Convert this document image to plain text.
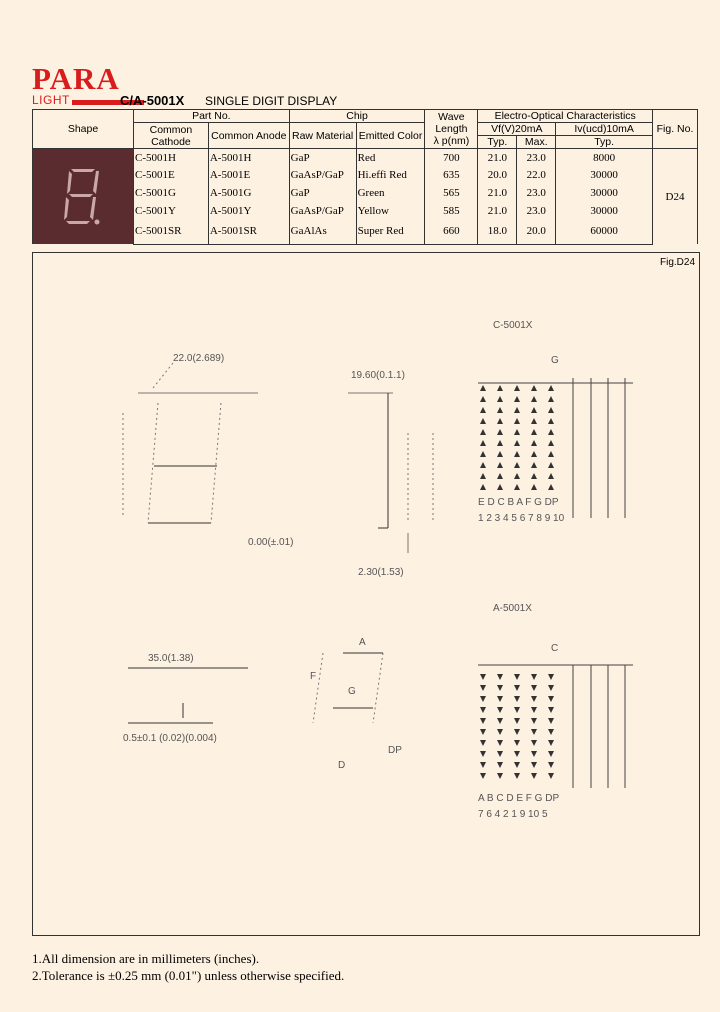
PARA
LIGHT	C/A-5001X SINGLE DIGIT DISPLAY
Shape	Part No.		Chip		Wave
Length
λ p(nm)	Electro-Optical Characteristics			Fig. No.
	Common Cathode	Common Anode	Raw Material	Emitted Color		Vf(V)20mA		Iv(ucd)10mA	
						Typ.	Max.	Typ.	
	C-5001H	A-5001H	GaP	Red	700	21.0	23.0	8000	D24
	C-5001E	A-5001E	GaAsP/GaP	Hi.effi Red	635	20.0	22.0	30000	
	C-5001G	A-5001G	GaP	Green	565	21.0	23.0	30000	
	C-5001Y	A-5001Y	GaAsP/GaP	Yellow	585	21.0	23.0	30000	
	C-5001SR	A-5001SR	GaAlAs	Super Red	660	18.0	20.0	60000	
Fig.D24
C-5001X
G
E D C B A F G DP
1 2 3 4 5 6 7 8 9 10
A-5001X
C
A B C D E F G DP
7 6 4 2 1 9 10 5
22.0(2.689)
19.60(0.1.1)
0.00(±.01)
2.30(1.53)
35.0(1.38)
0.5±0.1 (0.02)(0.004)
A
F
G
D
DP
1.All dimension are in millimeters (inches).
2.Tolerance is ±0.25 mm (0.01") unless otherwise specified.
